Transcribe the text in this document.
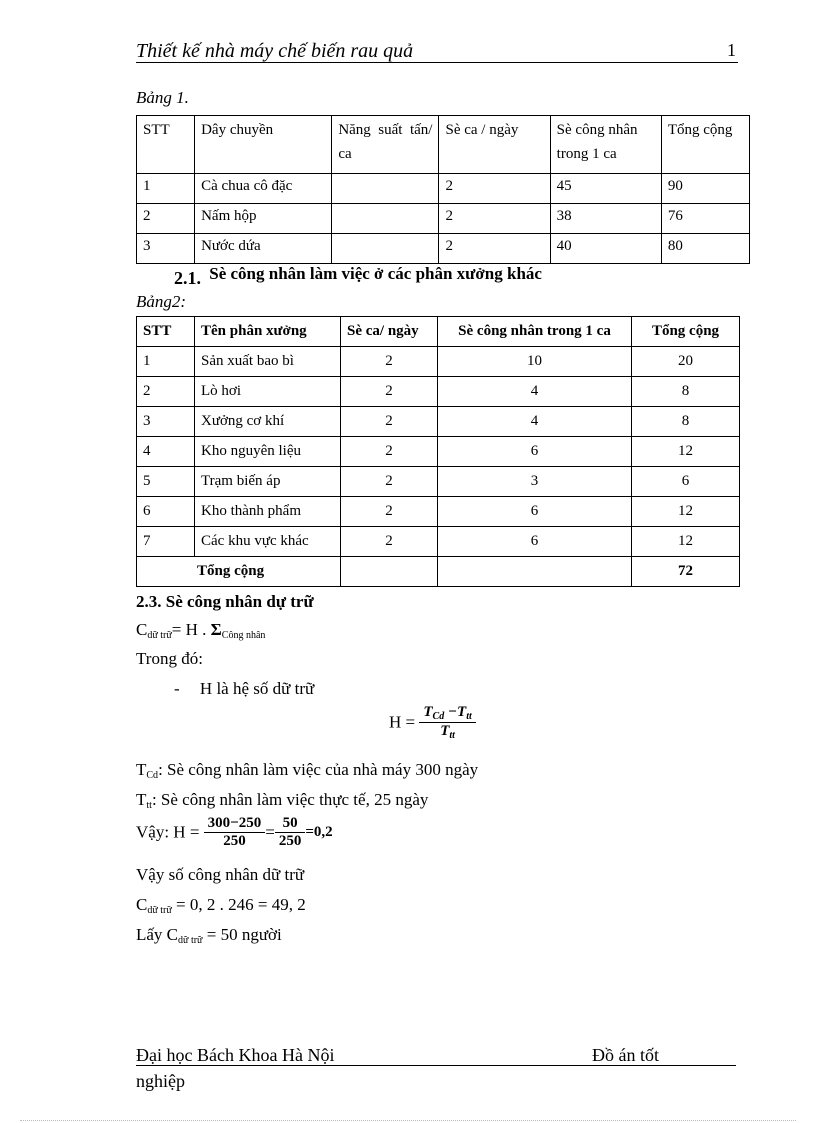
Thiết kế nhà máy chế biến rau quả	1
Bảng 1.
STT	Dây chuyền	Năng suất tấn/ ca	Sè ca / ngày	Sè công nhân trong 1 ca	Tổng cộng
1	Cà chua cô đặc		2	45	90
2	Nấm hộp		2	38	76
3	Nước dứa		2	40	80
2.1. Sè công nhân làm việc ở các phân xưởng khác
Bảng2:
STT	Tên phân xưởng	Sè ca/ ngày	Sè công nhân trong 1 ca	Tổng cộng
1	Sản xuất bao bì	2	10	20
2	Lò hơi	2	4	8
3	Xưởng cơ khí	2	4	8
4	Kho nguyên liệu	2	6	12
5	Trạm biến áp	2	3	6
6	Kho thành phẩm	2	6	12
7	Các khu vực khác	2	6	12
Tổng cộng				72
2.3. Sè công nhân dự trữ
$C_{dữ trữ}= H$ . $\Sigma_{Công nhân}$
Trong đó:
- H là hệ số dữ trữ
$H = \frac{T_{Cd} -T_{tt}}{T_{tt}}$
$T_{Cd}$: Sè công nhân làm việc của nhà máy 300 ngày
$T_{tt}$: Sè công nhân làm việc thực tế, 25 ngày
Vậy: $H = \frac{300-250}{250} = \frac{50}{250} =0,2$
Vậy số công nhân dữ trữ
$C_{dữ trữ} = 0$, 2 . 246 = 49, 2
Lấy $C_{dữ trữ} = 50$ người
Đại học Bách Khoa Hà Nội	Đồ án tốt
nghiệp
